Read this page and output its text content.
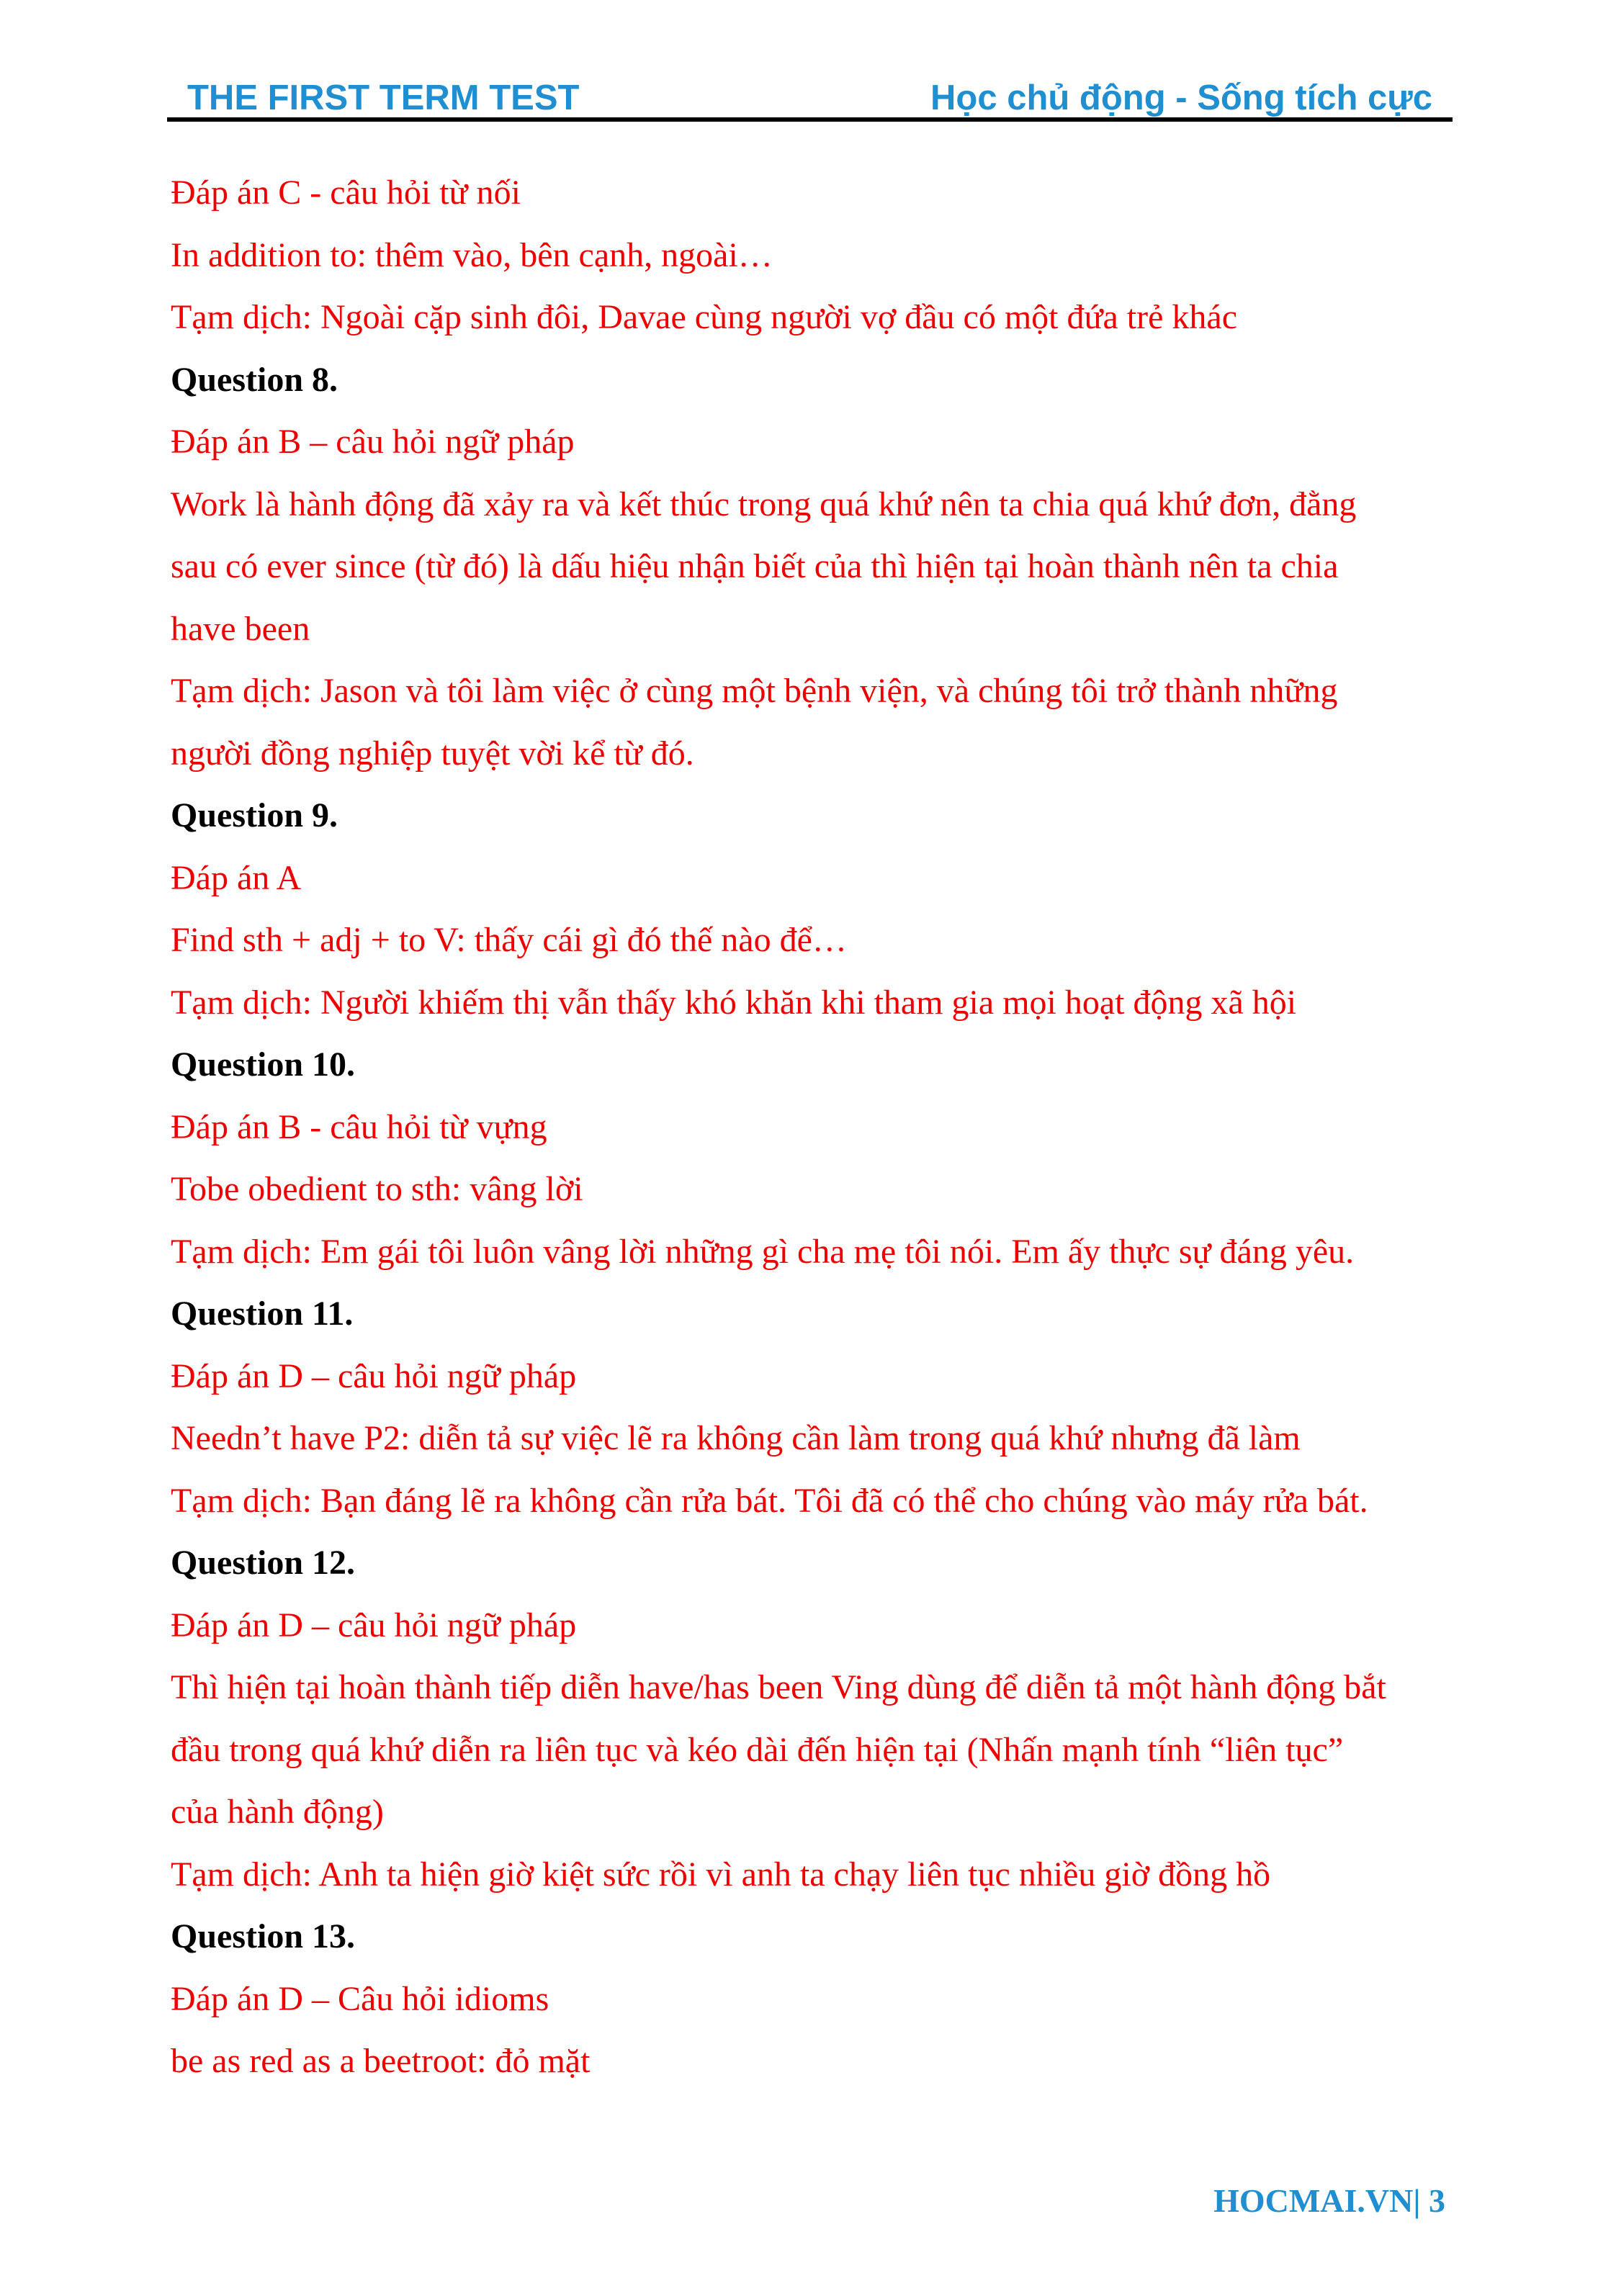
THE FIRST TERM TEST	Học chủ động - Sống tích cực
Đáp án C - câu hỏi từ nối
In addition to: thêm vào, bên cạnh, ngoài…
Tạm dịch: Ngoài cặp sinh đôi, Davae cùng người vợ đầu có một đứa trẻ khác
Question 8.
Đáp án B – câu hỏi ngữ pháp
Work là hành động đã xảy ra và kết thúc trong quá khứ nên ta chia quá khứ đơn, đằng
sau có ever since (từ đó) là dấu hiệu nhận biết của thì hiện tại hoàn thành nên ta chia
have been
Tạm dịch: Jason và tôi làm việc ở cùng một bệnh viện, và chúng tôi trở thành những
người đồng nghiệp tuyệt vời kể từ đó.
Question 9.
Đáp án A
Find sth + adj + to V: thấy cái gì đó thế nào để…
Tạm dịch: Người khiếm thị vẫn thấy khó khăn khi tham gia mọi hoạt động xã hội
Question 10.
Đáp án B - câu hỏi từ vựng
Tobe obedient to sth: vâng lời
Tạm dịch: Em gái tôi luôn vâng lời những gì cha mẹ tôi nói. Em ấy thực sự đáng yêu.
Question 11.
Đáp án D – câu hỏi ngữ pháp
Needn’t have P2: diễn tả sự việc lẽ ra không cần làm trong quá khứ nhưng đã làm
Tạm dịch: Bạn đáng lẽ ra không cần rửa bát. Tôi đã có thể cho chúng vào máy rửa bát.
Question 12.
Đáp án D – câu hỏi ngữ pháp
Thì hiện tại hoàn thành tiếp diễn have/has been Ving dùng để diễn tả một hành động bắt
đầu trong quá khứ diễn ra liên tục và kéo dài đến hiện tại (Nhấn mạnh tính “liên tục”
của hành động)
Tạm dịch: Anh ta hiện giờ kiệt sức rồi vì anh ta chạy liên tục nhiều giờ đồng hồ
Question 13.
Đáp án D – Câu hỏi idioms
be as red as a beetroot: đỏ mặt
HOCMAI.VN| 3
